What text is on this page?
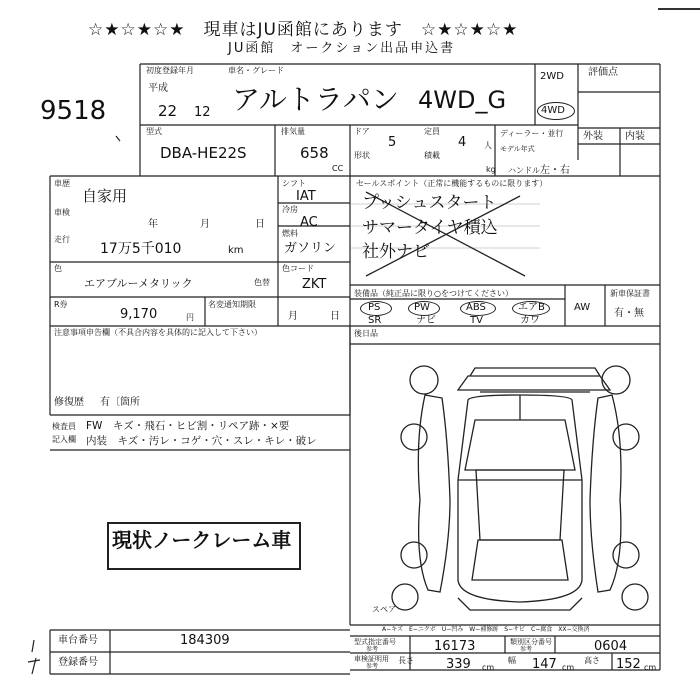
☆★☆★☆★　現車はJU函館にあります　☆★☆★☆★
JU函館　オークション出品申込書
9518
初度登録年月
平成
22 12
車名・グレード
アルトラパン 4WD_G
2WD
4WD
評価点
外装 内装
型式
DBA-HE22S
排気量
658
CC
ドア
5
形状
定員
4 人
積載
kg
ディーラー・並行
モデル年式
ハンドル 左・右
車歴
自家用
車検
年	月	日
走行
17万5千010	km
シフト
IAT
冷房
AC
燃料
ガソリン
セールスポイント（正常に機能するものに限ります）
プッシュスタート
サマータイヤ積込
社外ナビ
色
エアブルーメタリック	色替
色コード
ZKT
R券
9,170	円
名変通知期限
月	日
装備品（純正品に限り○をつけてください）
PS
SR
PW
ナビ
ABS
TV
エアB
カワ
AW
新車保証書
有・無
注意事項申告欄（不具合内容を具体的に記入して下さい）	後日品
修復歴 有〔箇所
検査員
記入欄
FW　キズ・飛石・ヒビ割・リペア跡・×要
内装　キズ・汚レ・コゲ・穴・スレ・キレ・破レ
現状ノークレーム車
スペア
A−キズ　E−ニクボ　U−凹み　W−補修跡　S−サビ　C−腐食　XX−交換済
車台番号	184309
登録番号
型式指定番号
参考	16173	類別区分番号
参考	0604
車検証明用
参考
長さ 339 cm
幅 147 cm
高さ 152 cm
